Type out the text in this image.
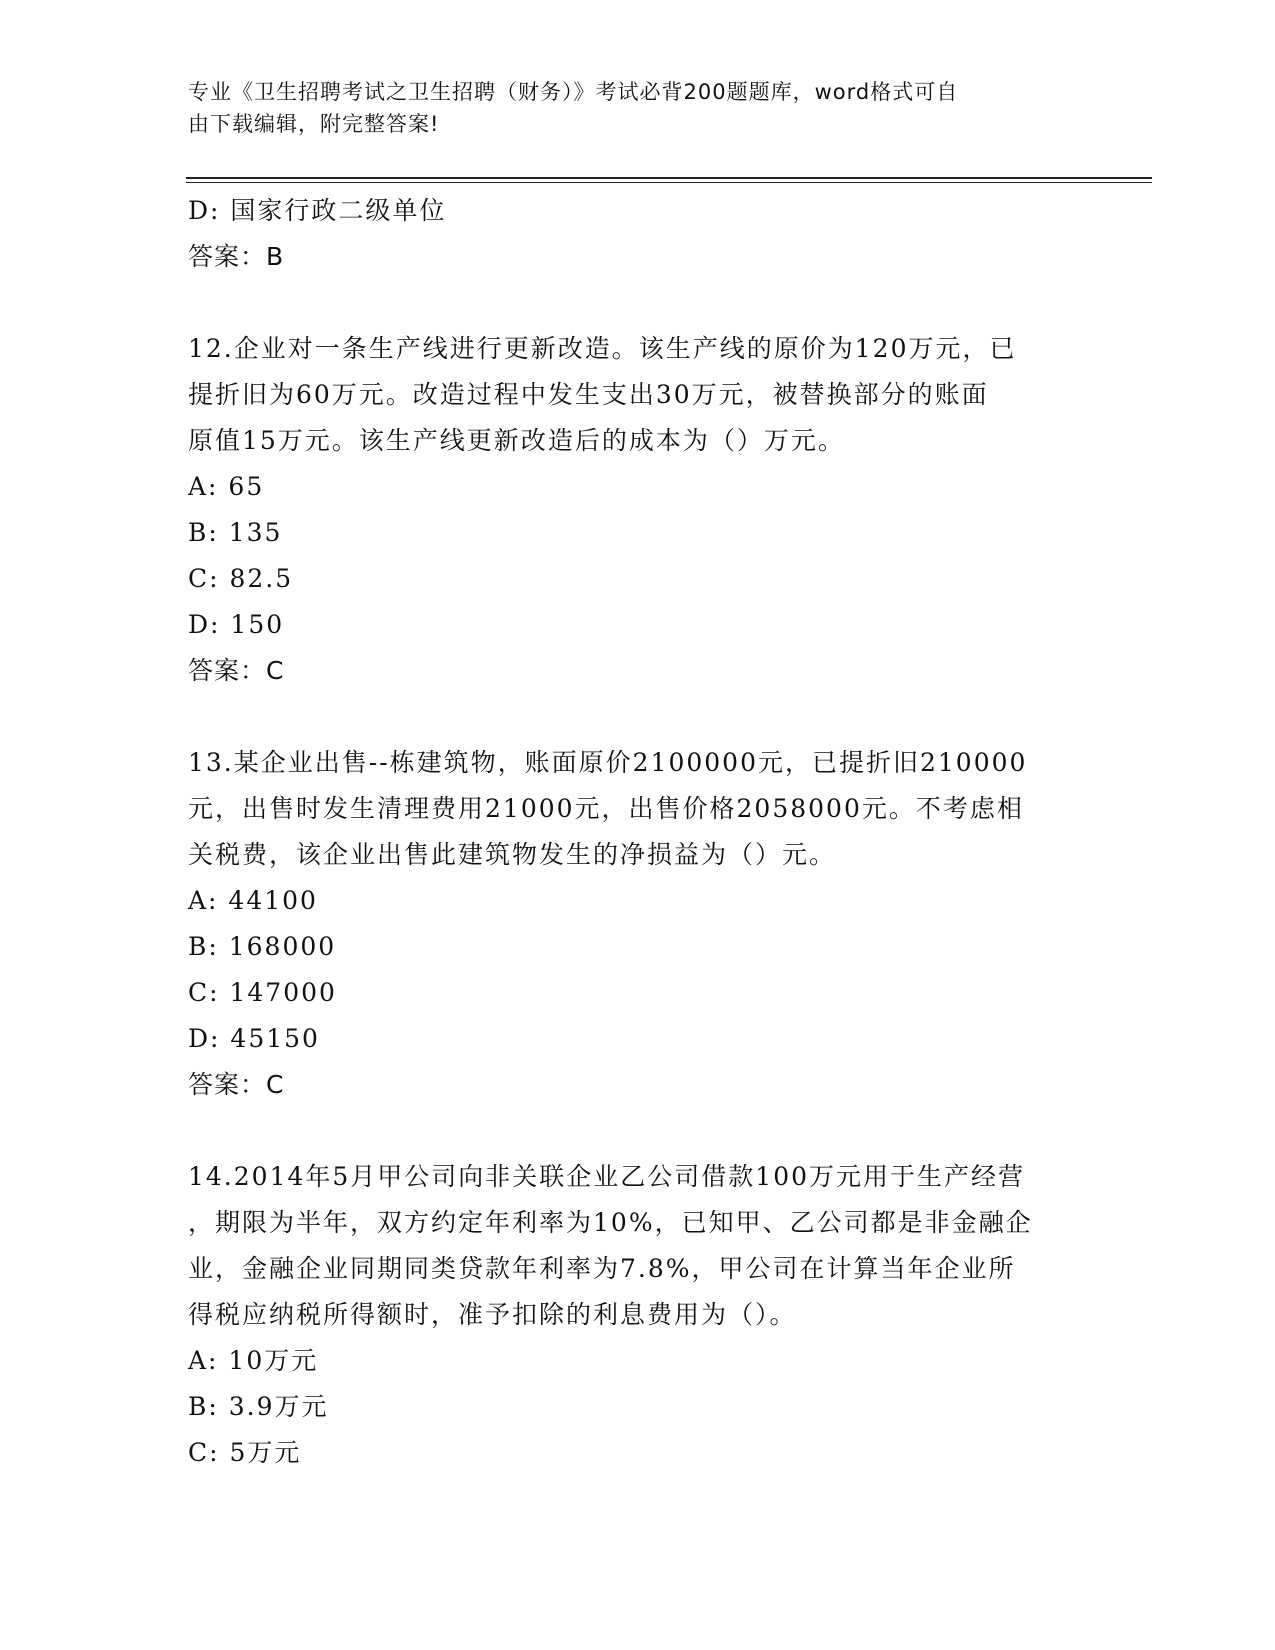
专业《卫生招聘考试之卫生招聘（财务）》考试必背200题题库，word格式可自
由下载编辑，附完整答案!
D: 国家行政二级单位
答案：B
12.企业对一条生产线进行更新改造。该生产线的原价为120万元，已
提折旧为60万元。改造过程中发生支出30万元，被替换部分的账面
原值15万元。该生产线更新改造后的成本为（）万元。
A: 65
B: 135
C: 82.5
D: 150
答案：C
13.某企业出售--栋建筑物，账面原价2100000元，已提折旧210000
元，出售时发生清理费用21000元，出售价格2058000元。不考虑相
关税费，该企业出售此建筑物发生的净损益为（）元。
A: 44100
B: 168000
C: 147000
D: 45150
答案：C
14.2014年5月甲公司向非关联企业乙公司借款100万元用于生产经营
，期限为半年，双方约定年利率为10%，已知甲、乙公司都是非金融企
业，金融企业同期同类贷款年利率为7.8%，甲公司在计算当年企业所
得税应纳税所得额时，准予扣除的利息费用为（）。
A: 10万元
B: 3.9万元
C: 5万元
